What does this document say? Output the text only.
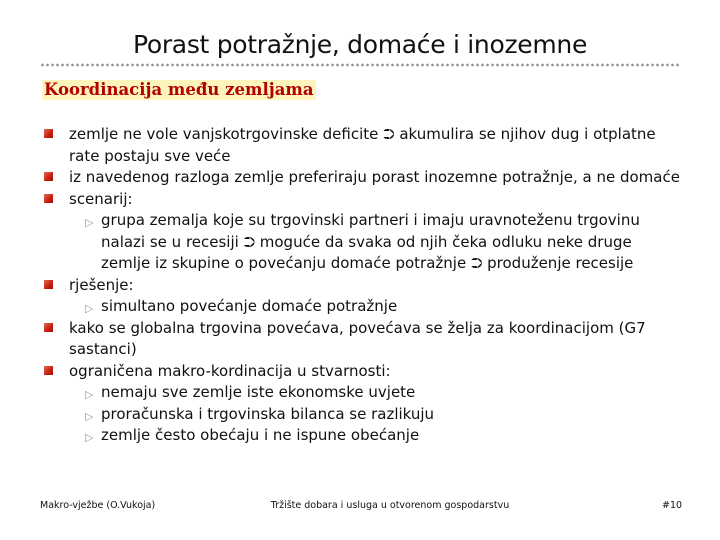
Porast potražnje, domaće i inozemne
Koordinacija među zemljama

zemlje ne vole vanjskotrgovinske deficite ⮊ akumulira se njihov dug i otplatne rate postaju sve veće

iz navedenog razloga zemlje preferiraju porast inozemne potražnje, a ne domaće

scenarij:

▷ grupa zemalja koje su trgovinski partneri i imaju uravnoteženu trgovinu nalazi se u recesiji ⮊ moguće da svaka od njih čeka odluku neke druge zemlje iz skupine o povećanju domaće potražnje ⮊ produženje recesije

rješenje:

▷ simultano povećanje domaće potražnje

kako se globalna trgovina povećava, povećava se želja za koordinacijom (G7 sastanci)

ograničena makro-kordinacija u stvarnosti:

▷ nemaju sve zemlje iste ekonomske uvjete

▷ proračunska i trgovinska bilanca se razlikuju

▷ zemlje često obećaju i ne ispune obećanje

Makro-vježbe (O.Vukoja)	Tržište dobara i usluga u otvorenom gospodarstvu	#10
